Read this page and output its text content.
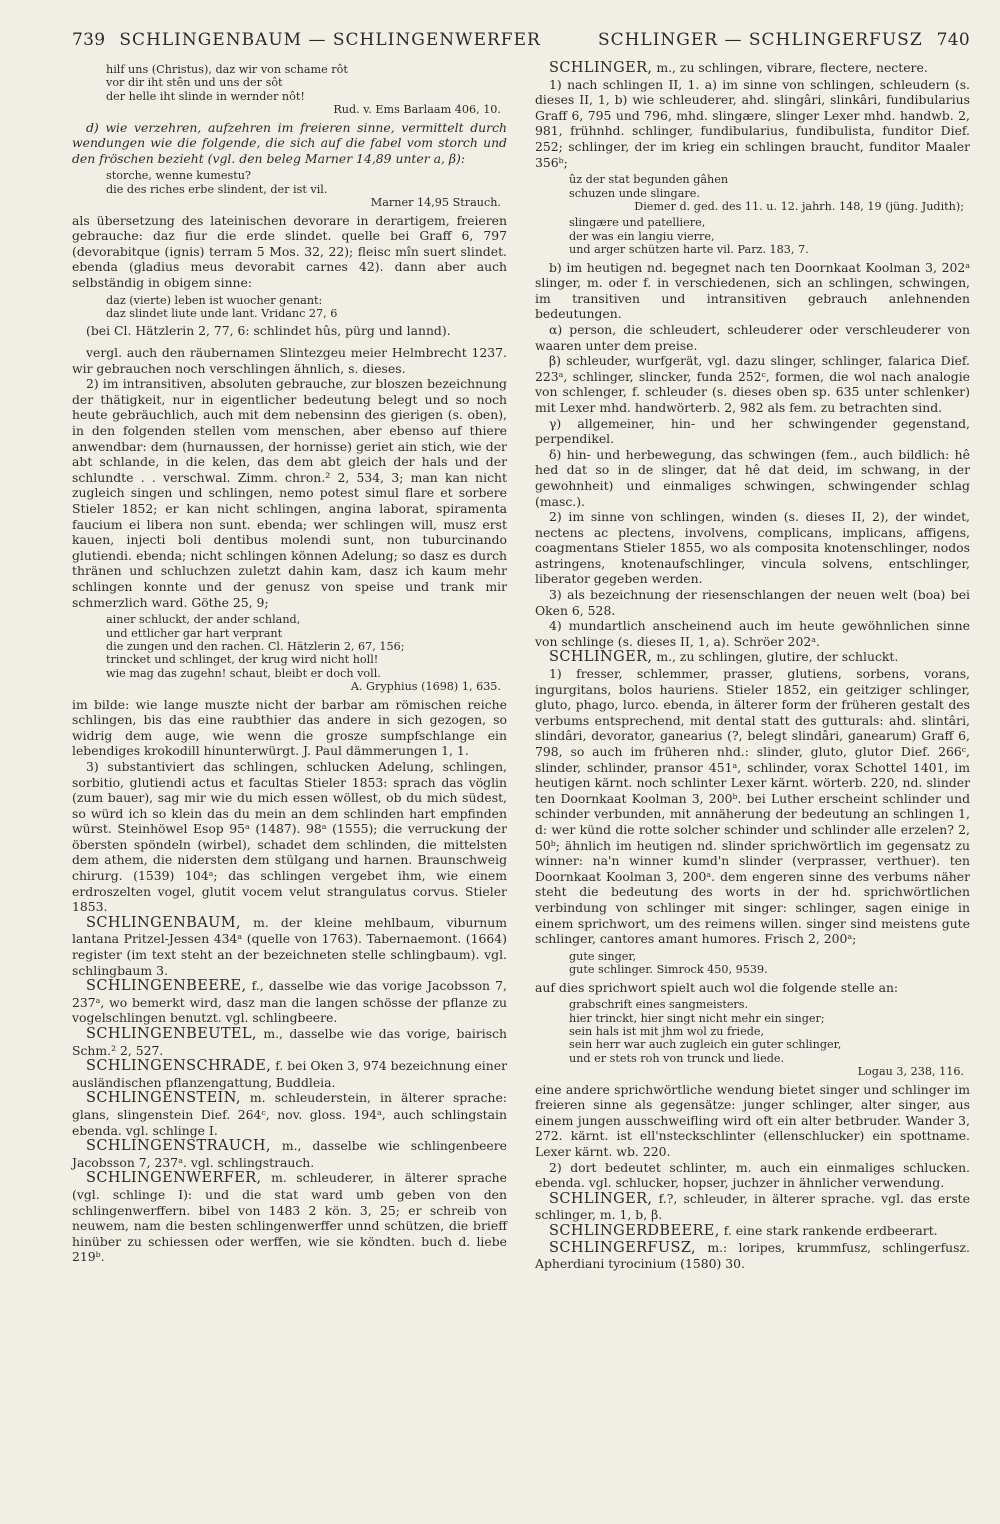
739 SCHLINGENBAUM — SCHLINGENWERFER	SCHLINGER — SCHLINGERFUSZ 740
hilf uns (Christus), daz wir von schame rôt
vor dir iht stên und uns der sôt
der helle iht slinde in wernder nôt!
Rud. v. Ems Barlaam 406, 10.

d) wie verzehren, aufzehren im freieren sinne, vermittelt durch wendungen wie die folgende, die sich auf die fabel vom storch und den fröschen bezieht (vgl. den beleg Marner 14,89 unter a, β):

storche, wenne kumestu?
die des riches erbe slindent, der ist vil.
Marner 14,95 Strauch.

als übersetzung des lateinischen devorare in derartigem, freieren gebrauche: daz fiur die erde slindet. quelle bei Graff 6, 797 (devorabitque (ignis) terram 5 Mos. 32, 22); fleisc mîn suert slindet. ebenda (gladius meus devorabit carnes 42). dann aber auch selbständig in obigem sinne:

daz (vierte) leben ist wuocher genant:
daz slindet liute unde lant. Vridanc 27, 6

(bei Cl. Hätzlerin 2, 77, 6: schlindet hûs, pürg und lannd).

vergl. auch den räubernamen Slintezgeu meier Helmbrecht 1237. wir gebrauchen noch verschlingen ähnlich, s. dieses.

2) im intransitiven, absoluten gebrauche, zur bloszen bezeichnung der thätigkeit, nur in eigentlicher bedeutung belegt und so noch heute gebräuchlich, auch mit dem nebensinn des gierigen (s. oben), in den folgenden stellen vom menschen, aber ebenso auf thiere anwendbar: dem (hurnaussen, der hornisse) geriet ain stich, wie der abt schlande, in die kelen, das dem abt gleich der hals und der schlundte . . verschwal. Zimm. chron.² 2, 534, 3; man kan nicht zugleich singen und schlingen, nemo potest simul flare et sorbere Stieler 1852; er kan nicht schlingen, angina laborat, spiramenta faucium ei libera non sunt. ebenda; wer schlingen will, musz erst kauen, injecti boli dentibus molendi sunt, non tuburcinando glutiendi. ebenda; nicht schlingen können Adelung; so dasz es durch thränen und schluchzen zuletzt dahin kam, dasz ich kaum mehr schlingen konnte und der genusz von speise und trank mir schmerzlich ward. Göthe 25, 9;

ainer schluckt, der ander schland,
und ettlicher gar hart verprant
die zungen und den rachen. Cl. Hätzlerin 2, 67, 156;
trincket und schlinget, der krug wird nicht holl!
wie mag das zugehn! schaut, bleibt er doch voll.
A. Gryphius (1698) 1, 635.

im bilde: wie lange muszte nicht der barbar am römischen reiche schlingen, bis das eine raubthier das andere in sich gezogen, so widrig dem auge, wie wenn die grosze sumpfschlange ein lebendiges krokodill hinunterwürgt. J. Paul dämmerungen 1, 1.

3) substantiviert das schlingen, schlucken Adelung, schlingen, sorbitio, glutiendi actus et facultas Stieler 1853: sprach das vöglin (zum bauer), sag mir wie du mich essen wöllest, ob du mich südest, so würd ich so klein das du mein an dem schlinden hart empfinden würst. Steinhöwel Esop 95ᵃ (1487). 98ᵃ (1555); die verruckung der öbersten spöndeln (wirbel), schadet dem schlinden, die mittelsten dem athem, die nidersten dem stülgang und harnen. Braunschweig chirurg. (1539) 104ᵃ; das schlingen vergebet ihm, wie einem erdroszelten vogel, glutit vocem velut strangulatus corvus. Stieler 1853.

SCHLINGENBAUM, m. der kleine mehlbaum, viburnum lantana Pritzel-Jessen 434ᵃ (quelle von 1763). Tabernaemont. (1664) register (im text steht an der bezeichneten stelle schlingbaum). vgl. schlingbaum 3.

SCHLINGENBEERE, f., dasselbe wie das vorige Jacobsson 7, 237ᵃ, wo bemerkt wird, dasz man die langen schösse der pflanze zu vogelschlingen benutzt. vgl. schlingbeere.

SCHLINGENBEUTEL, m., dasselbe wie das vorige, bairisch Schm.² 2, 527.

SCHLINGENSCHRADE, f. bei Oken 3, 974 bezeichnung einer ausländischen pflanzengattung, Buddleia.

SCHLINGENSTEIN, m. schleuderstein, in älterer sprache: glans, slingenstein Dief. 264ᶜ, nov. gloss. 194ᵃ, auch schlingstain ebenda. vgl. schlinge I.

SCHLINGENSTRAUCH, m., dasselbe wie schlingenbeere Jacobsson 7, 237ᵃ. vgl. schlingstrauch.

SCHLINGENWERFER, m. schleuderer, in älterer sprache (vgl. schlinge I): und die stat ward umb geben von den schlingenwerffern. bibel von 1483 2 kön. 3, 25; er schreib von neuwem, nam die besten schlingenwerffer unnd schützen, die brieff hinüber zu schiessen oder werffen, wie sie köndten. buch d. liebe 219ᵇ.

SCHLINGER, m., zu schlingen, vibrare, flectere, nectere.

1) nach schlingen II, 1. a) im sinne von schlingen, schleudern (s. dieses II, 1, b) wie schleuderer, ahd. slingâri, slinkâri, fundibularius Graff 6, 795 und 796, mhd. slingære, slinger Lexer mhd. handwb. 2, 981, frühnhd. schlinger, fundibularius, fundibulista, funditor Dief. 252; schlinger, der im krieg ein schlingen braucht, funditor Maaler 356ᵇ;

ûz der stat begunden gâhen
schuzen unde slingare.
Diemer d. ged. des 11. u. 12. jahrh. 148, 19 (jüng. Judith);
slingære und patelliere,
der was ein langiu vierre,
und arger schützen harte vil. Parz. 183, 7.

b) im heutigen nd. begegnet nach ten Doornkaat Koolman 3, 202ᵃ slinger, m. oder f. in verschiedenen, sich an schlingen, schwingen, im transitiven und intransitiven gebrauch anlehnenden bedeutungen.

α) person, die schleudert, schleuderer oder verschleuderer von waaren unter dem preise.

β) schleuder, wurfgerät, vgl. dazu slinger, schlinger, falarica Dief. 223ᵃ, schlinger, slincker, funda 252ᶜ, formen, die wol nach analogie von schlenger, f. schleuder (s. dieses oben sp. 635 unter schlenker) mit Lexer mhd. handwörterb. 2, 982 als fem. zu betrachten sind.

γ) allgemeiner, hin- und her schwingender gegenstand, perpendikel.

δ) hin- und herbewegung, das schwingen (fem., auch bildlich: hê hed dat so in de slinger, dat hê dat deid, im schwang, in der gewohnheit) und einmaliges schwingen, schwingender schlag (masc.).

2) im sinne von schlingen, winden (s. dieses II, 2), der windet, nectens ac plectens, involvens, complicans, implicans, affigens, coagmentans Stieler 1855, wo als composita knotenschlinger, nodos astringens, knotenaufschlinger, vincula solvens, entschlinger, liberator gegeben werden.

3) als bezeichnung der riesenschlangen der neuen welt (boa) bei Oken 6, 528.

4) mundartlich anscheinend auch im heute gewöhnlichen sinne von schlinge (s. dieses II, 1, a). Schröer 202ᵃ.

SCHLINGER, m., zu schlingen, glutire, der schluckt.

1) fresser, schlemmer, prasser, glutiens, sorbens, vorans, ingurgitans, bolos hauriens. Stieler 1852, ein geitziger schlinger, gluto, phago, lurco. ebenda, in älterer form der früheren gestalt des verbums entsprechend, mit dental statt des gutturals: ahd. slintâri, slindâri, devorator, ganearius (?, belegt slindâri, ganearum) Graff 6, 798, so auch im früheren nhd.: slinder, gluto, glutor Dief. 266ᶜ, slinder, schlinder, pransor 451ᵃ, schlinder, vorax Schottel 1401, im heutigen kärnt. noch schlinter Lexer kärnt. wörterb. 220, nd. slinder ten Doornkaat Koolman 3, 200ᵇ. bei Luther erscheint schlinder und schinder verbunden, mit annäherung der bedeutung an schlingen 1, d: wer künd die rotte solcher schinder und schlinder alle erzelen? 2, 50ᵇ; ähnlich im heutigen nd. slinder sprichwörtlich im gegensatz zu winner: na'n winner kumd'n slinder (verprasser, verthuer). ten Doornkaat Koolman 3, 200ᵃ. dem engeren sinne des verbums näher steht die bedeutung des worts in der hd. sprichwörtlichen verbindung von schlinger mit singer: schlinger, sagen einige in einem sprichwort, um des reimens willen. singer sind meistens gute schlinger, cantores amant humores. Frisch 2, 200ᵃ;

gute singer,
gute schlinger. Simrock 450, 9539.

auf dies sprichwort spielt auch wol die folgende stelle an:

grabschrift eines sangmeisters.
hier trinckt, hier singt nicht mehr ein singer;
sein hals ist mit jhm wol zu friede,
sein herr war auch zugleich ein guter schlinger,
und er stets roh von trunck und liede.
Logau 3, 238, 116.

eine andere sprichwörtliche wendung bietet singer und schlinger im freieren sinne als gegensätze: junger schlinger, alter singer, aus einem jungen ausschweifling wird oft ein alter betbruder. Wander 3, 272. kärnt. ist ell'nsteckschlinter (ellenschlucker) ein spottname. Lexer kärnt. wb. 220.

2) dort bedeutet schlinter, m. auch ein einmaliges schlucken. ebenda. vgl. schlucker, hopser, juchzer in ähnlicher verwendung.

SCHLINGER, f.?, schleuder, in älterer sprache. vgl. das erste schlinger, m. 1, b, β.

SCHLINGERDBEERE, f. eine stark rankende erdbeerart.

SCHLINGERFUSZ, m.: loripes, krummfusz, schlingerfusz. Apherdiani tyrocinium (1580) 30.
